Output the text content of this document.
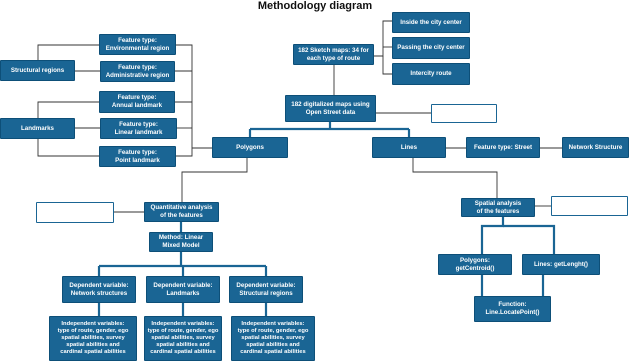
Methodology diagram
Feature type:
Environmental region
Feature type:
Administrative region
Feature type:
Annual landmark
Feature type:
Linear landmark
Feature type:
Point landmark
Structural regions
Landmarks
Polygons
182 Sketch maps: 34 for
each type of route
Inside the city center
Passing the city center
Intercity route
182 digitalized maps using
Open Street data
Lines	Feature type: Street	Network Structure
Quantitative analysis
of the features
Method: Linear
Mixed Model
Dependent variable:
Network structures
Dependent variable:
Landmarks
Dependent variable:
Structural regions
Independent variables:
type of route, gender, ego
spatial abilities, survey
spatial abilities and
cardinal spatial abilities
Independent variables:
type of route, gender, ego
spatial abilities, survey
spatial abilities and
cardinal spatial abilities
Independent variables:
type of route, gender, ego
spatial abilities, survey
spatial abilities and
cardinal spatial abilities
Spatial analysis
of the features
Polygons: getCentroid()
Lines: getLenght()
Function:
Line.LocatePoint()
